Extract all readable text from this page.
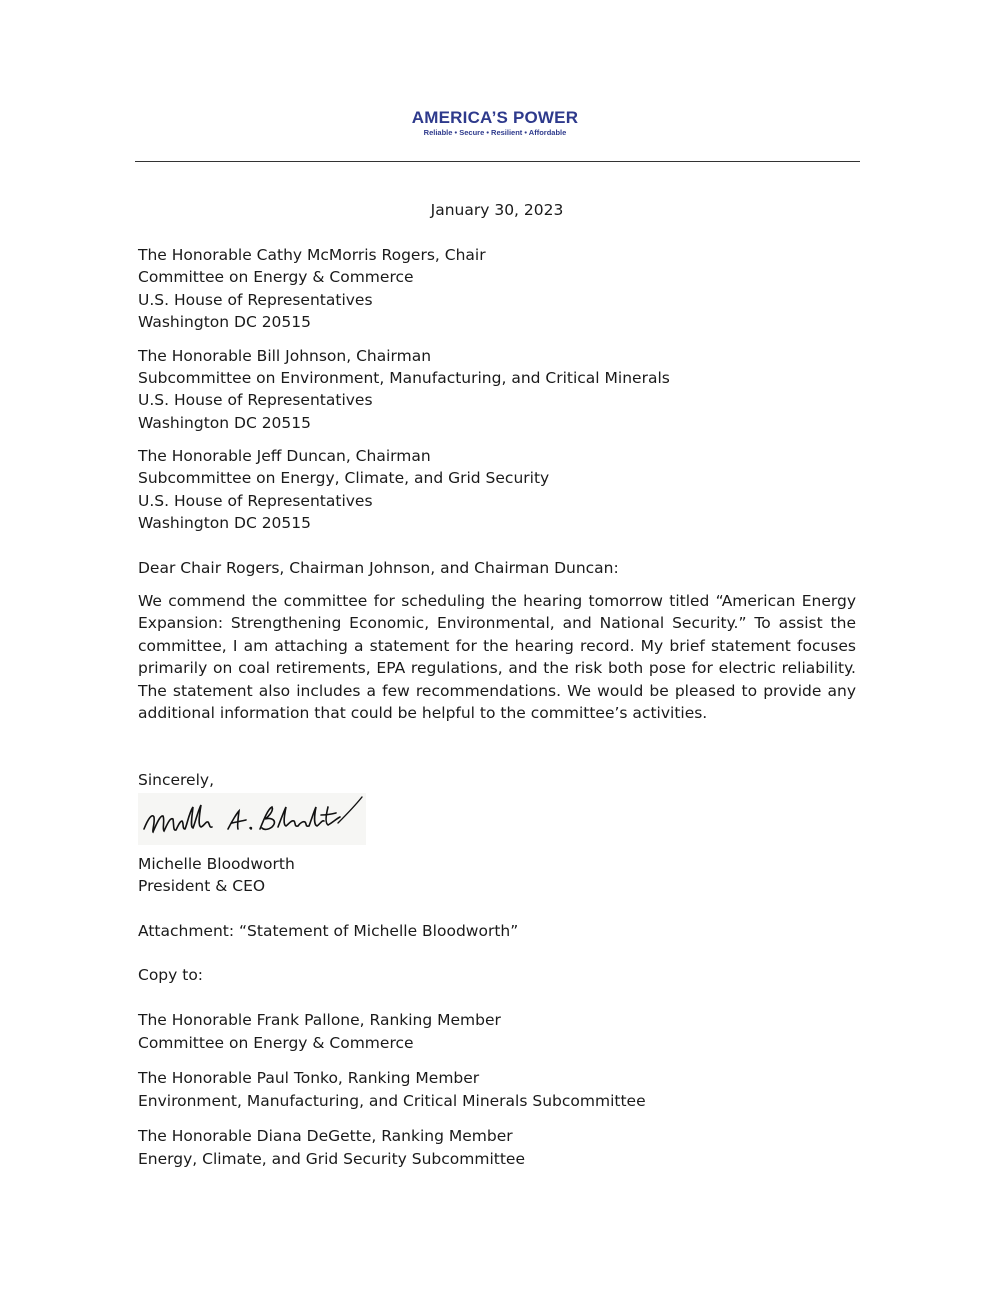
AMERICA’S POWER
Reliable • Secure • Resilient • Affordable
January 30, 2023
The Honorable Cathy McMorris Rogers, Chair
Committee on Energy & Commerce
U.S. House of Representatives
Washington DC 20515
The Honorable Bill Johnson, Chairman
Subcommittee on Environment, Manufacturing, and Critical Minerals
U.S. House of Representatives
Washington DC 20515
The Honorable Jeff Duncan, Chairman
Subcommittee on Energy, Climate, and Grid Security
U.S. House of Representatives
Washington DC 20515
Dear Chair Rogers, Chairman Johnson, and Chairman Duncan:
We commend the committee for scheduling the hearing tomorrow titled “American Energy Expansion: Strengthening Economic, Environmental, and National Security.” To assist the committee, I am attaching a statement for the hearing record. My brief statement focuses primarily on coal retirements, EPA regulations, and the risk both pose for electric reliability. The statement also includes a few recommendations. We would be pleased to provide any additional information that could be helpful to the committee’s activities.
Sincerely,
Michelle Bloodworth
President & CEO
Attachment: “Statement of Michelle Bloodworth”
Copy to:
The Honorable Frank Pallone, Ranking Member
Committee on Energy & Commerce
The Honorable Paul Tonko, Ranking Member
Environment, Manufacturing, and Critical Minerals Subcommittee
The Honorable Diana DeGette, Ranking Member
Energy, Climate, and Grid Security Subcommittee
